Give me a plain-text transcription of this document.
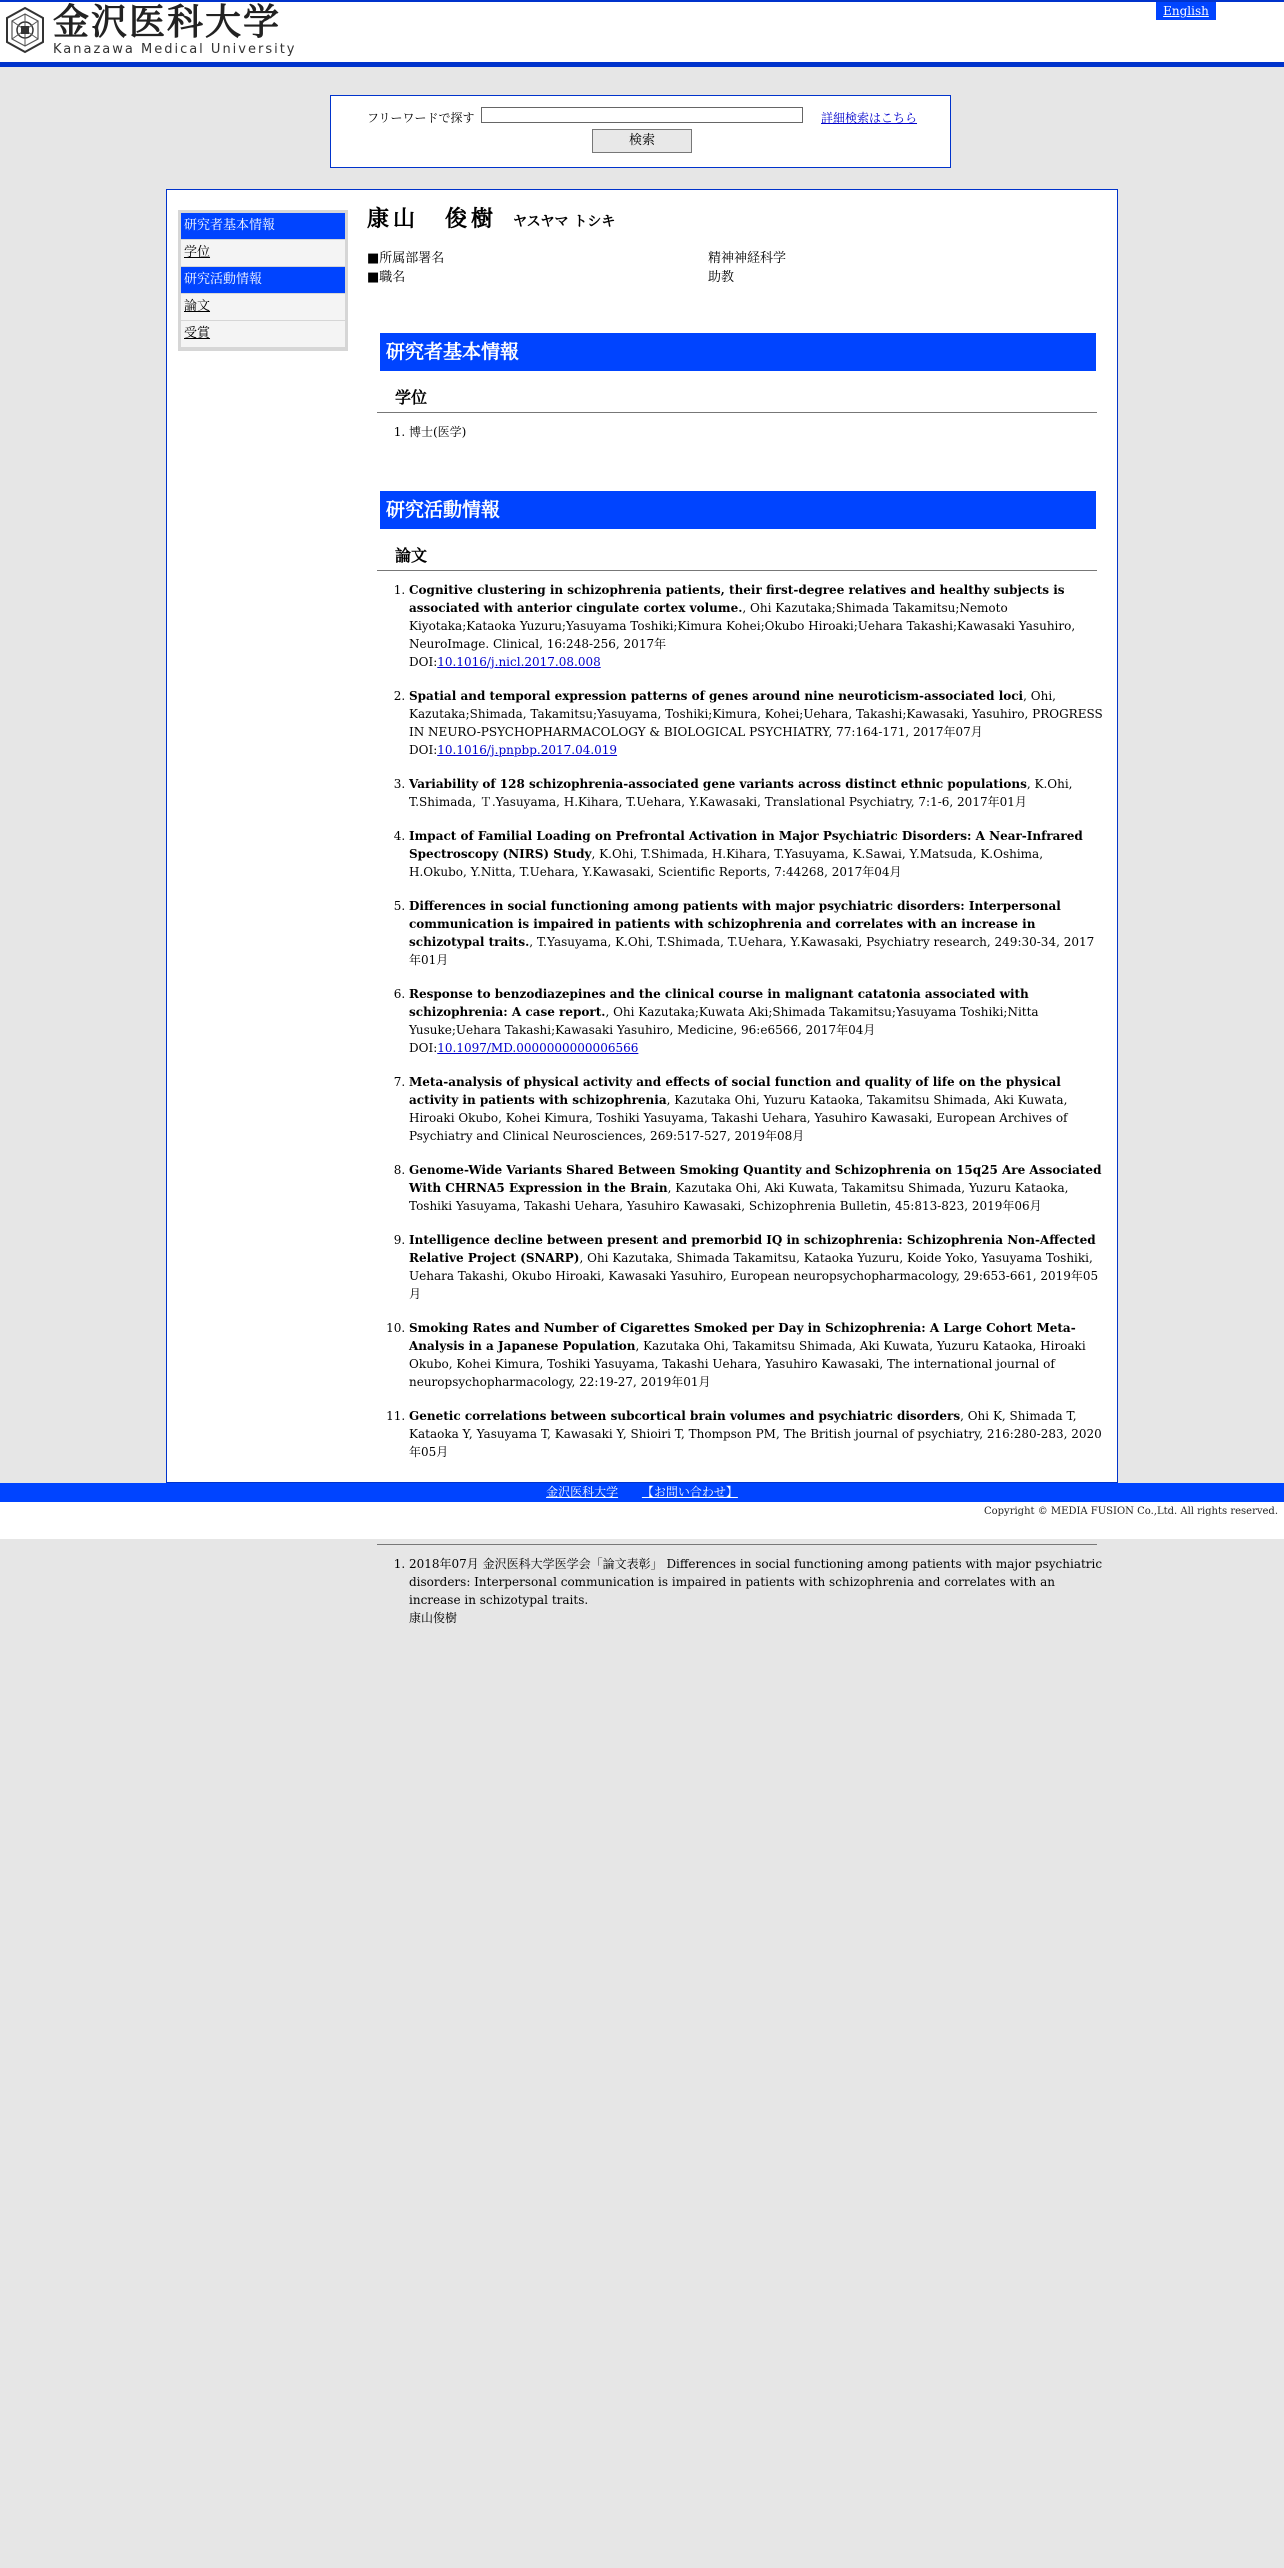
金沢医科大学
Kanazawa Medical University
English
フリーワードで探す	詳細検索はこちら
検索
研究者基本情報
学位
研究活動情報
論文
受賞
康山　俊樹 ヤスヤマ トシキ
■所属部署名	精神神経科学
■職名	助教
研究者基本情報
学位
1. 博士(医学)
研究活動情報
論文
1. Cognitive clustering in schizophrenia patients, their first-degree relatives and healthy subjects is associated with anterior cingulate cortex volume., Ohi Kazutaka;Shimada Takamitsu;Nemoto Kiyotaka;Kataoka Yuzuru;Yasuyama Toshiki;Kimura Kohei;Okubo Hiroaki;Uehara Takashi;Kawasaki Yasuhiro, NeuroImage. Clinical, 16:248-256, 2017年
DOI:10.1016/j.nicl.2017.08.008
2. Spatial and temporal expression patterns of genes around nine neuroticism-associated loci, Ohi, Kazutaka;Shimada, Takamitsu;Yasuyama, Toshiki;Kimura, Kohei;Uehara, Takashi;Kawasaki, Yasuhiro, PROGRESS IN NEURO-PSYCHOPHARMACOLOGY & BIOLOGICAL PSYCHIATRY, 77:164-171, 2017年07月
DOI:10.1016/j.pnpbp.2017.04.019
3. Variability of 128 schizophrenia-associated gene variants across distinct ethnic populations, K.Ohi, T.Shimada, Ｔ.Yasuyama, H.Kihara, T.Uehara, Y.Kawasaki, Translational Psychiatry, 7:1-6, 2017年01月
4. Impact of Familial Loading on Prefrontal Activation in Major Psychiatric Disorders: A Near-Infrared Spectroscopy (NIRS) Study, K.Ohi, T.Shimada, H.Kihara, T.Yasuyama, K.Sawai, Y.Matsuda, K.Oshima, H.Okubo, Y.Nitta, T.Uehara, Y.Kawasaki, Scientific Reports, 7:44268, 2017年04月
5. Differences in social functioning among patients with major psychiatric disorders: Interpersonal communication is impaired in patients with schizophrenia and correlates with an increase in schizotypal traits., T.Yasuyama, K.Ohi, T.Shimada, T.Uehara, Y.Kawasaki, Psychiatry research, 249:30-34, 2017年01月
6. Response to benzodiazepines and the clinical course in malignant catatonia associated with schizophrenia: A case report., Ohi Kazutaka;Kuwata Aki;Shimada Takamitsu;Yasuyama Toshiki;Nitta Yusuke;Uehara Takashi;Kawasaki Yasuhiro, Medicine, 96:e6566, 2017年04月
DOI:10.1097/MD.0000000000006566
7. Meta-analysis of physical activity and effects of social function and quality of life on the physical activity in patients with schizophrenia, Kazutaka Ohi, Yuzuru Kataoka, Takamitsu Shimada, Aki Kuwata, Hiroaki Okubo, Kohei Kimura, Toshiki Yasuyama, Takashi Uehara, Yasuhiro Kawasaki, European Archives of Psychiatry and Clinical Neurosciences, 269:517-527, 2019年08月
8. Genome-Wide Variants Shared Between Smoking Quantity and Schizophrenia on 15q25 Are Associated With CHRNA5 Expression in the Brain, Kazutaka Ohi, Aki Kuwata, Takamitsu Shimada, Yuzuru Kataoka, Toshiki Yasuyama, Takashi Uehara, Yasuhiro Kawasaki, Schizophrenia Bulletin, 45:813-823, 2019年06月
9. Intelligence decline between present and premorbid IQ in schizophrenia: Schizophrenia Non-Affected Relative Project (SNARP), Ohi Kazutaka, Shimada Takamitsu, Kataoka Yuzuru, Koide Yoko, Yasuyama Toshiki, Uehara Takashi, Okubo Hiroaki, Kawasaki Yasuhiro, European neuropsychopharmacology, 29:653-661, 2019年05月
10. Smoking Rates and Number of Cigarettes Smoked per Day in Schizophrenia: A Large Cohort Meta-Analysis in a Japanese Population, Kazutaka Ohi, Takamitsu Shimada, Aki Kuwata, Yuzuru Kataoka, Hiroaki Okubo, Kohei Kimura, Toshiki Yasuyama, Takashi Uehara, Yasuhiro Kawasaki, The international journal of neuropsychopharmacology, 22:19-27, 2019年01月
11. Genetic correlations between subcortical brain volumes and psychiatric disorders, Ohi K, Shimada T, Kataoka Y, Yasuyama T, Kawasaki Y, Shioiri T, Thompson PM, The British journal of psychiatry, 216:280-283, 2020年05月
1. 2018年07月 金沢医科大学医学会「論文表彰」 Differences in social functioning among patients with major psychiatric disorders: Interpersonal communication is impaired in patients with schizophrenia and correlates with an increase in schizotypal traits.
康山俊樹
金沢医科大学 【お問い合わせ】
Copyright © MEDIA FUSION Co.,Ltd. All rights reserved.
